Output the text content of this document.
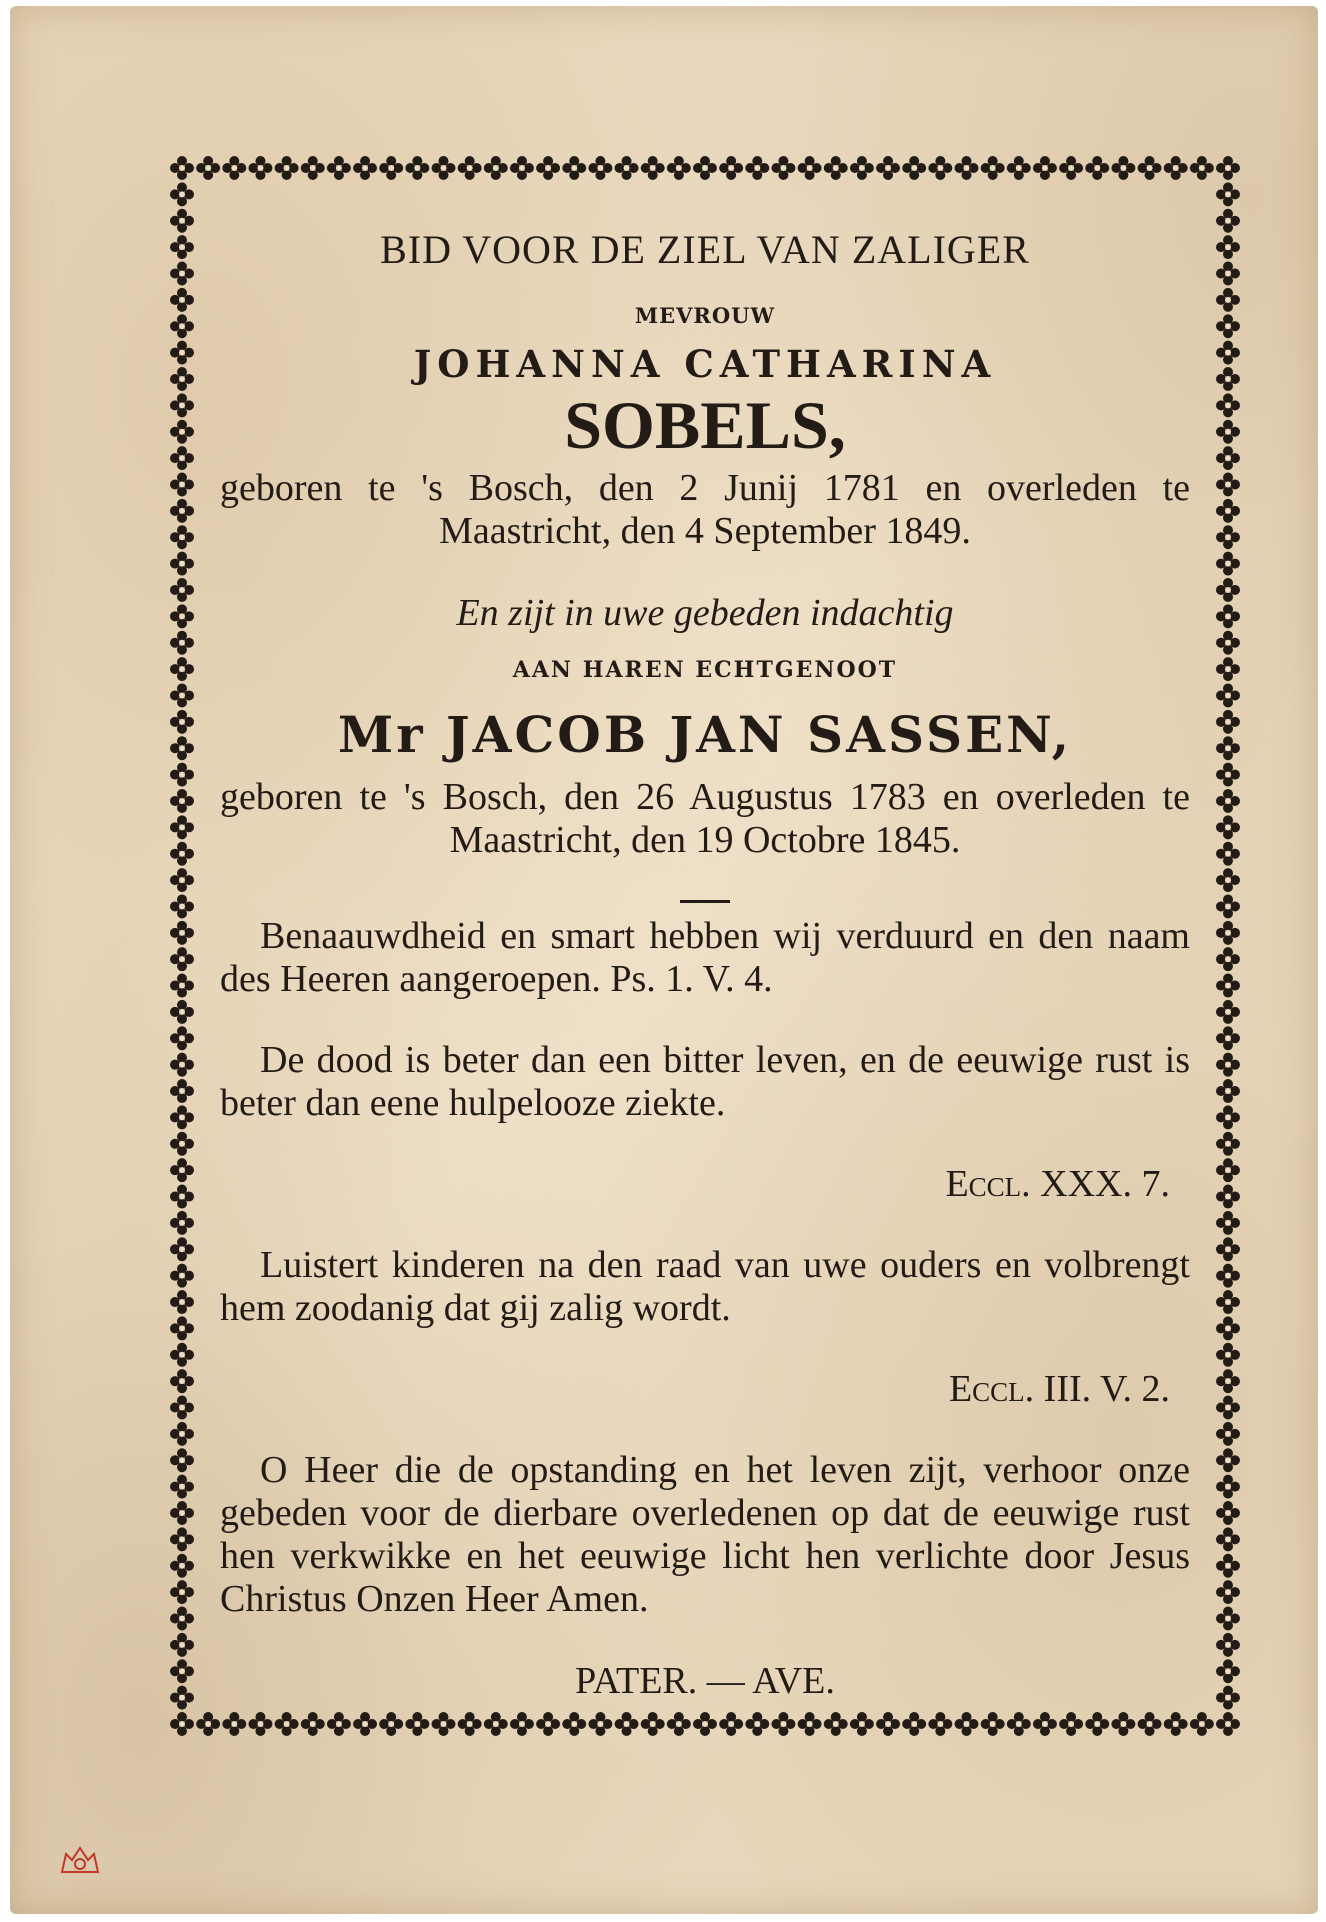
BID VOOR DE ZIEL VAN ZALIGER

MEVROUW

JOHANNA CATHARINA

SOBELS,

geboren te 's Bosch, den 2 Junij 1781 en overleden te Maastricht, den 4 September 1849.

En zijt in uwe gebeden indachtig

AAN HAREN ECHTGENOOT

Mr JACOB JAN SASSEN,

geboren te 's Bosch, den 26 Augustus 1783 en overleden te Maastricht, den 19 Octobre 1845.

Benaauwdheid en smart hebben wij verduurd en den naam des Heeren aangeroepen. Ps. 1. V. 4.

De dood is beter dan een bitter leven, en de eeuwige rust is beter dan eene hulpelooze ziekte.

Eccl. XXX. 7.

Luistert kinderen na den raad van uwe ouders en volbrengt hem zoodanig dat gij zalig wordt.

Eccl. III. V. 2.

O Heer die de opstanding en het leven zijt, verhoor onze gebeden voor de dierbare overledenen op dat de eeuwige rust hen verkwikke en het eeuwige licht hen verlichte door Jesus Christus Onzen Heer Amen.

PATER. — AVE.
